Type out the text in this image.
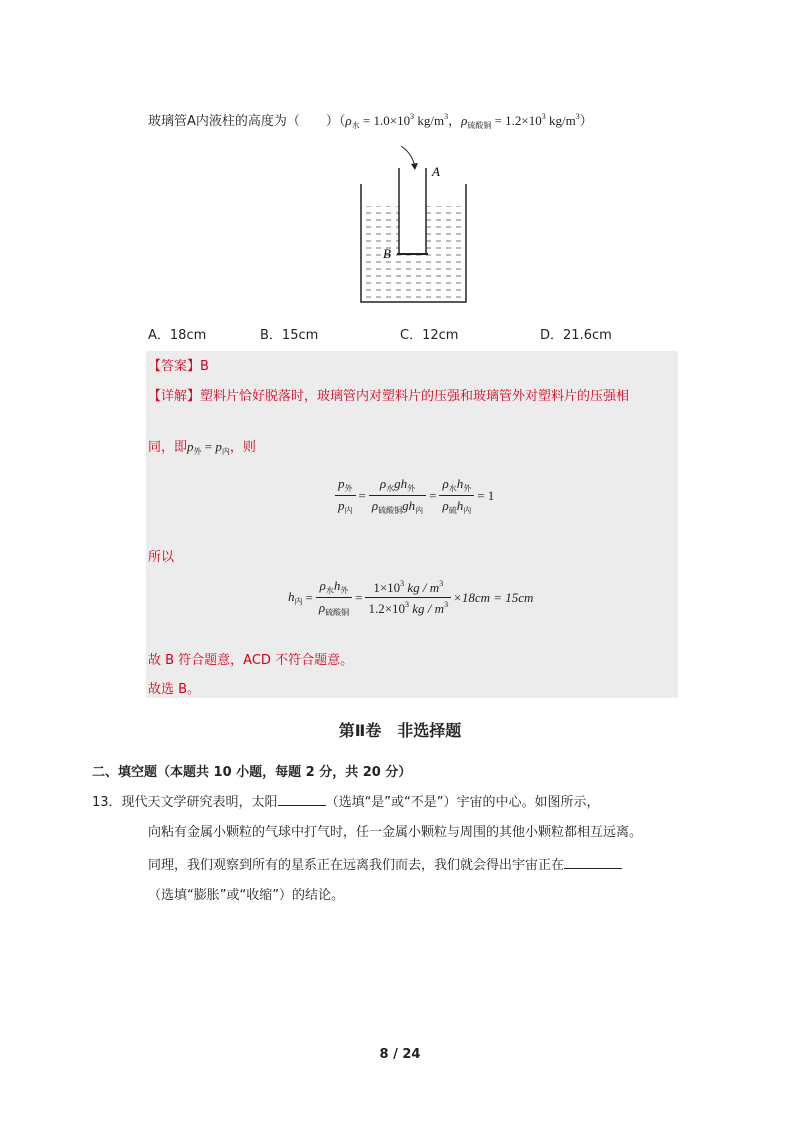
玻璃管A内液柱的高度为（　　）（$\rho_水 = 1.0\times 10^3$ $kg/m^3$，$\rho_{硫酸铜} = 1.2\times 10^3$ $kg/m^3$）
A
B
A．18cm	B．15cm	C．12cm	D．21.6cm
【答案】B
【详解】塑料片恰好脱落时，玻璃管内对塑料片的压强和玻璃管外对塑料片的压强相
同，即$p_外 = p_内$，则
$\frac{p_外}{p_内} = \frac{\rho_水gh_外}{\rho_{硫酸铜}gh_内} = \frac{\rho_水h_外}{\rho_硫h_内} = 1$
所以
$h_内 = \frac{\rho_水h_外}{\rho_{硫酸铜}} = \frac{1\times 10^3 kg / m^3}{1.2\times 10^3 kg / m^3} \times 18cm = 15cm$
故 B 符合题意，ACD 不符合题意。
故选 B。
第Ⅱ卷　非选择题
二、填空题（本题共 10 小题，每题 2 分，共 20 分）
13．现代天文学研究表明，太阳	（选填“是”或“不是”）宇宙的中心。如图所示，
向粘有金属小颗粒的气球中打气时，任一金属小颗粒与周围的其他小颗粒都相互远离。
同理，我们观察到所有的星系正在远离我们而去，我们就会得出宇宙正在
（选填“膨胀”或“收缩”）的结论。
8 / 24
